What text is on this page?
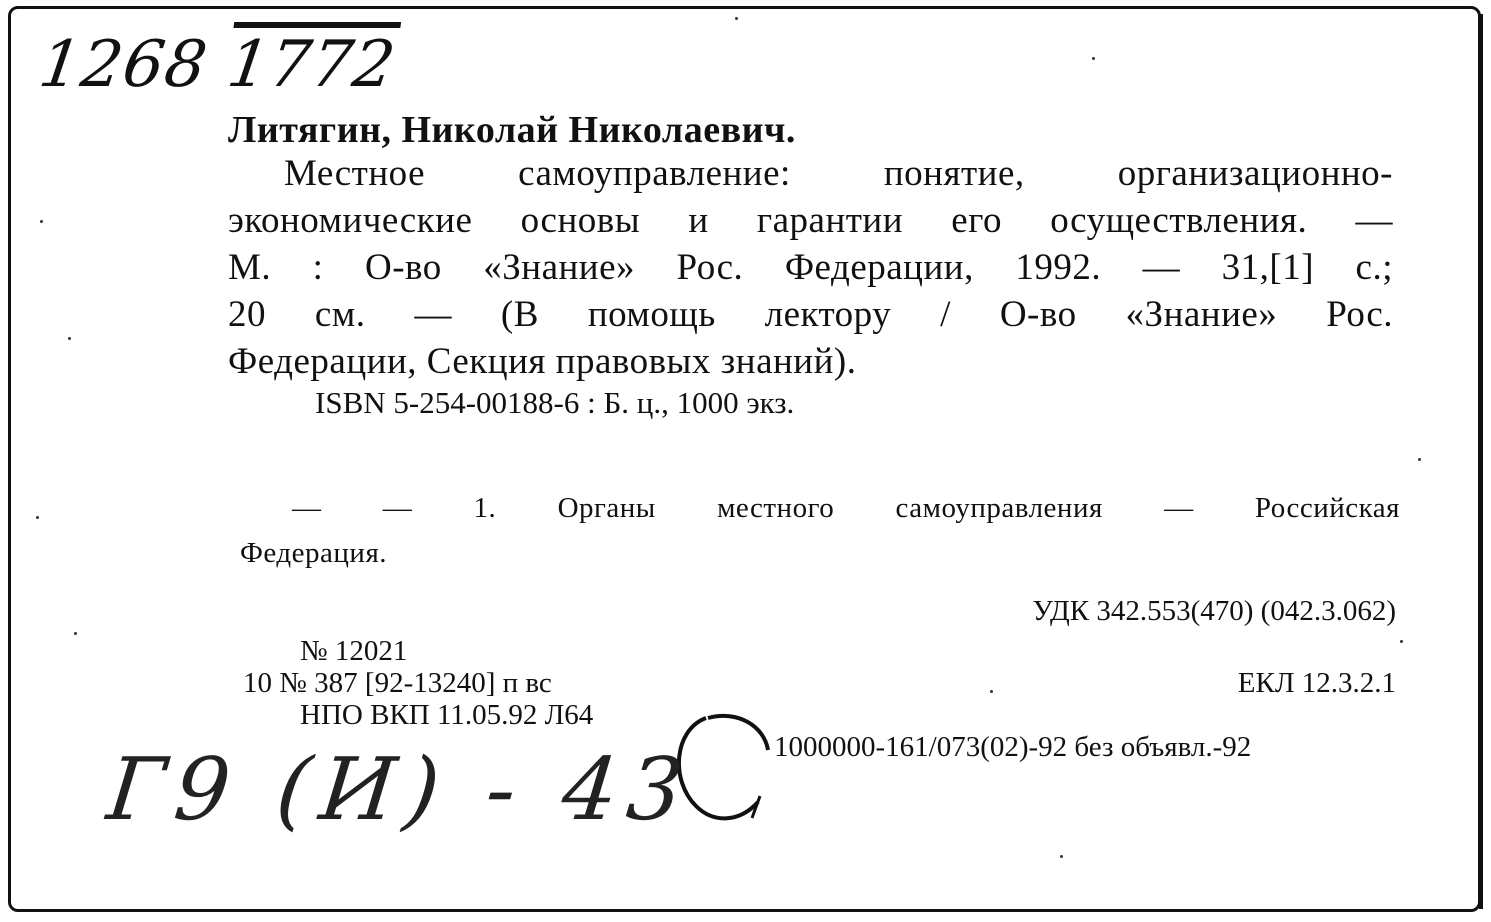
1268 1772
Литягин, Николай Николаевич.
Местное самоуправление: понятие, организационно-
экономические основы и гарантии его осуществления. —
М. : О-во «Знание» Рос. Федерации, 1992. — 31,[1] с.;
20 см. — (В помощь лектору / О-во «Знание» Рос.
Федерации, Секция правовых знаний).
ISBN 5-254-00188-6 : Б. ц., 1000 экз.
— — 1. Органы местного самоуправления — Российская
Федерация.
УДК 342.553(470) (042.3.062)
№ 12021
10 № 387 [92-13240] п вс	ЕКЛ 12.3.2.1
НПО ВКП 11.05.92 Л64
1000000-161/073(02)-92 без объявл.-92
Г9 (И) - 43
